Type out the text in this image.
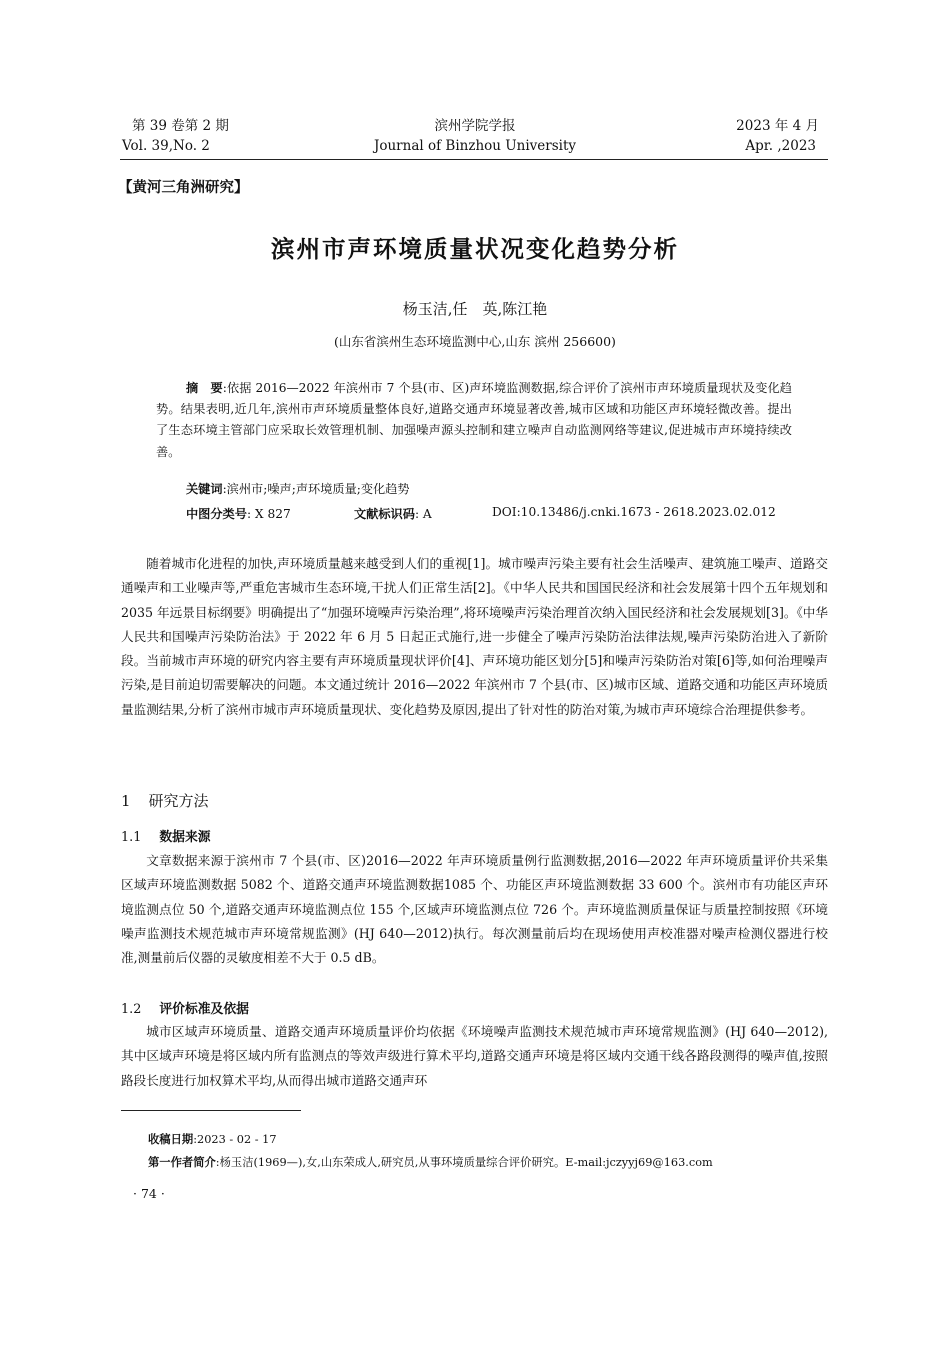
第 39 卷第 2 期	滨州学院学报	2023 年 4 月
Vol. 39,No. 2	Journal of Binzhou University	Apr. ,2023
【黄河三角洲研究】
滨州市声环境质量状况变化趋势分析
杨玉洁,任　英,陈江艳
(山东省滨州生态环境监测中心,山东 滨州 256600)
摘　要:依据 2016—2022 年滨州市 7 个县(市、区)声环境监测数据,综合评价了滨州市声环境质量现状及变化趋势。结果表明,近几年,滨州市声环境质量整体良好,道路交通声环境显著改善,城市区域和功能区声环境轻微改善。提出了生态环境主管部门应采取长效管理机制、加强噪声源头控制和建立噪声自动监测网络等建议,促进城市声环境持续改善。
关键词:滨州市;噪声;声环境质量;变化趋势
中图分类号: X 827	文献标识码: A	DOI:10.13486/j.cnki.1673 - 2618.2023.02.012

随着城市化进程的加快,声环境质量越来越受到人们的重视[1]。城市噪声污染主要有社会生活噪声、建筑施工噪声、道路交通噪声和工业噪声等,严重危害城市生态环境,干扰人们正常生活[2]。《中华人民共和国国民经济和社会发展第十四个五年规划和 2035 年远景目标纲要》明确提出了“加强环境噪声污染治理”,将环境噪声污染治理首次纳入国民经济和社会发展规划[3]。《中华人民共和国噪声污染防治法》于 2022 年 6 月 5 日起正式施行,进一步健全了噪声污染防治法律法规,噪声污染防治进入了新阶段。当前城市声环境的研究内容主要有声环境质量现状评价[4]、声环境功能区划分[5]和噪声污染防治对策[6]等,如何治理噪声污染,是目前迫切需要解决的问题。本文通过统计 2016—2022 年滨州市 7 个县(市、区)城市区域、道路交通和功能区声环境质量监测结果,分析了滨州市城市声环境质量现状、变化趋势及原因,提出了针对性的防治对策,为城市声环境综合治理提供参考。

1 研究方法
1.1 数据来源

文章数据来源于滨州市 7 个县(市、区)2016—2022 年声环境质量例行监测数据,2016—2022 年声环境质量评价共采集区域声环境监测数据 5082 个、道路交通声环境监测数据1085 个、功能区声环境监测数据 33 600 个。滨州市有功能区声环境监测点位 50 个,道路交通声环境监测点位 155 个,区域声环境监测点位 726 个。声环境监测质量保证与质量控制按照《环境噪声监测技术规范城市声环境常规监测》(HJ 640—2012)执行。每次测量前后均在现场使用声校准器对噪声检测仪器进行校准,测量前后仪器的灵敏度相差不大于 0.5 dB。

1.2 评价标准及依据

城市区域声环境质量、道路交通声环境质量评价均依据《环境噪声监测技术规范城市声环境常规监测》(HJ 640—2012),其中区域声环境是将区域内所有监测点的等效声级进行算术平均,道路交通声环境是将区域内交通干线各路段测得的噪声值,按照路段长度进行加权算术平均,从而得出城市道路交通声环

收稿日期:2023 - 02 - 17
第一作者简介:杨玉洁(1969—),女,山东荣成人,研究员,从事环境质量综合评价研究。E-mail:jczyyj69@163.com
· 74 ·
